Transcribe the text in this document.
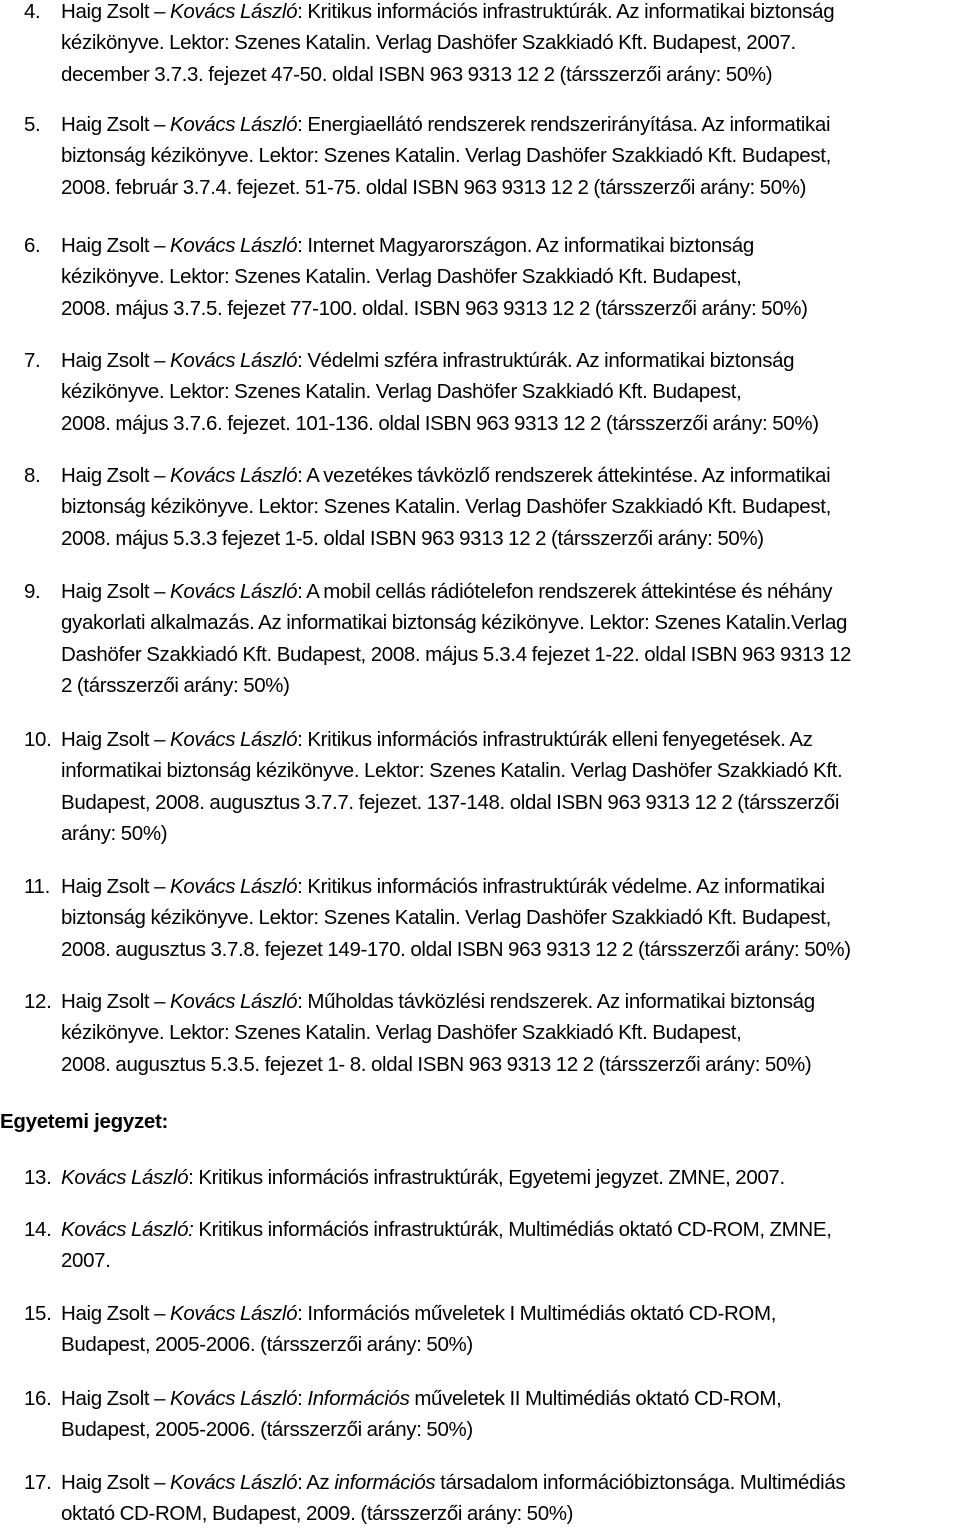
4. Haig Zsolt – Kovács László: Kritikus információs infrastruktúrák. Az informatikai biztonság
kézikönyve. Lektor: Szenes Katalin. Verlag Dashöfer Szakkiadó Kft. Budapest, 2007.
december 3.7.3. fejezet 47-50. oldal ISBN 963 9313 12 2 (társszerzői arány: 50%)
5. Haig Zsolt – Kovács László: Energiaellátó rendszerek rendszerirányítása. Az informatikai
biztonság kézikönyve. Lektor: Szenes Katalin. Verlag Dashöfer Szakkiadó Kft. Budapest,
2008. február 3.7.4. fejezet. 51-75. oldal ISBN 963 9313 12 2 (társszerzői arány: 50%)
6. Haig Zsolt – Kovács László: Internet Magyarországon. Az informatikai biztonság
kézikönyve. Lektor: Szenes Katalin. Verlag Dashöfer Szakkiadó Kft. Budapest,
2008. május 3.7.5. fejezet 77-100. oldal. ISBN 963 9313 12 2 (társszerzői arány: 50%)
7. Haig Zsolt – Kovács László: Védelmi szféra infrastruktúrák. Az informatikai biztonság
kézikönyve. Lektor: Szenes Katalin. Verlag Dashöfer Szakkiadó Kft. Budapest,
2008. május 3.7.6. fejezet. 101-136. oldal ISBN 963 9313 12 2 (társszerzői arány: 50%)
8. Haig Zsolt – Kovács László: A vezetékes távközlő rendszerek áttekintése. Az informatikai
biztonság kézikönyve. Lektor: Szenes Katalin. Verlag Dashöfer Szakkiadó Kft. Budapest,
2008. május 5.3.3 fejezet 1-5. oldal ISBN 963 9313 12 2 (társszerzői arány: 50%)
9. Haig Zsolt – Kovács László: A mobil cellás rádiótelefon rendszerek áttekintése és néhány
gyakorlati alkalmazás. Az informatikai biztonság kézikönyve. Lektor: Szenes Katalin.Verlag
Dashöfer Szakkiadó Kft. Budapest, 2008. május 5.3.4 fejezet 1-22. oldal ISBN 963 9313 12
2 (társszerzői arány: 50%)
10. Haig Zsolt – Kovács László: Kritikus információs infrastruktúrák elleni fenyegetések. Az
informatikai biztonság kézikönyve. Lektor: Szenes Katalin. Verlag Dashöfer Szakkiadó Kft.
Budapest, 2008. augusztus 3.7.7. fejezet. 137-148. oldal ISBN 963 9313 12 2 (társszerzői
arány: 50%)
11. Haig Zsolt – Kovács László: Kritikus információs infrastruktúrák védelme. Az informatikai
biztonság kézikönyve. Lektor: Szenes Katalin. Verlag Dashöfer Szakkiadó Kft. Budapest,
2008. augusztus 3.7.8. fejezet 149-170. oldal ISBN 963 9313 12 2 (társszerzői arány: 50%)
12. Haig Zsolt – Kovács László: Műholdas távközlési rendszerek. Az informatikai biztonság
kézikönyve. Lektor: Szenes Katalin. Verlag Dashöfer Szakkiadó Kft. Budapest,
2008. augusztus 5.3.5. fejezet 1- 8. oldal ISBN 963 9313 12 2 (társszerzői arány: 50%)
Egyetemi jegyzet:
13. Kovács László: Kritikus információs infrastruktúrák, Egyetemi jegyzet. ZMNE, 2007.
14. Kovács László: Kritikus információs infrastruktúrák, Multimédiás oktató CD-ROM, ZMNE,
2007.
15. Haig Zsolt – Kovács László: Információs műveletek I Multimédiás oktató CD-ROM,
Budapest, 2005-2006. (társszerzői arány: 50%)
16. Haig Zsolt – Kovács László: Információs műveletek II Multimédiás oktató CD-ROM,
Budapest, 2005-2006. (társszerzői arány: 50%)
17. Haig Zsolt – Kovács László: Az információs társadalom információbiztonsága. Multimédiás
oktató CD-ROM, Budapest, 2009. (társszerzői arány: 50%)
